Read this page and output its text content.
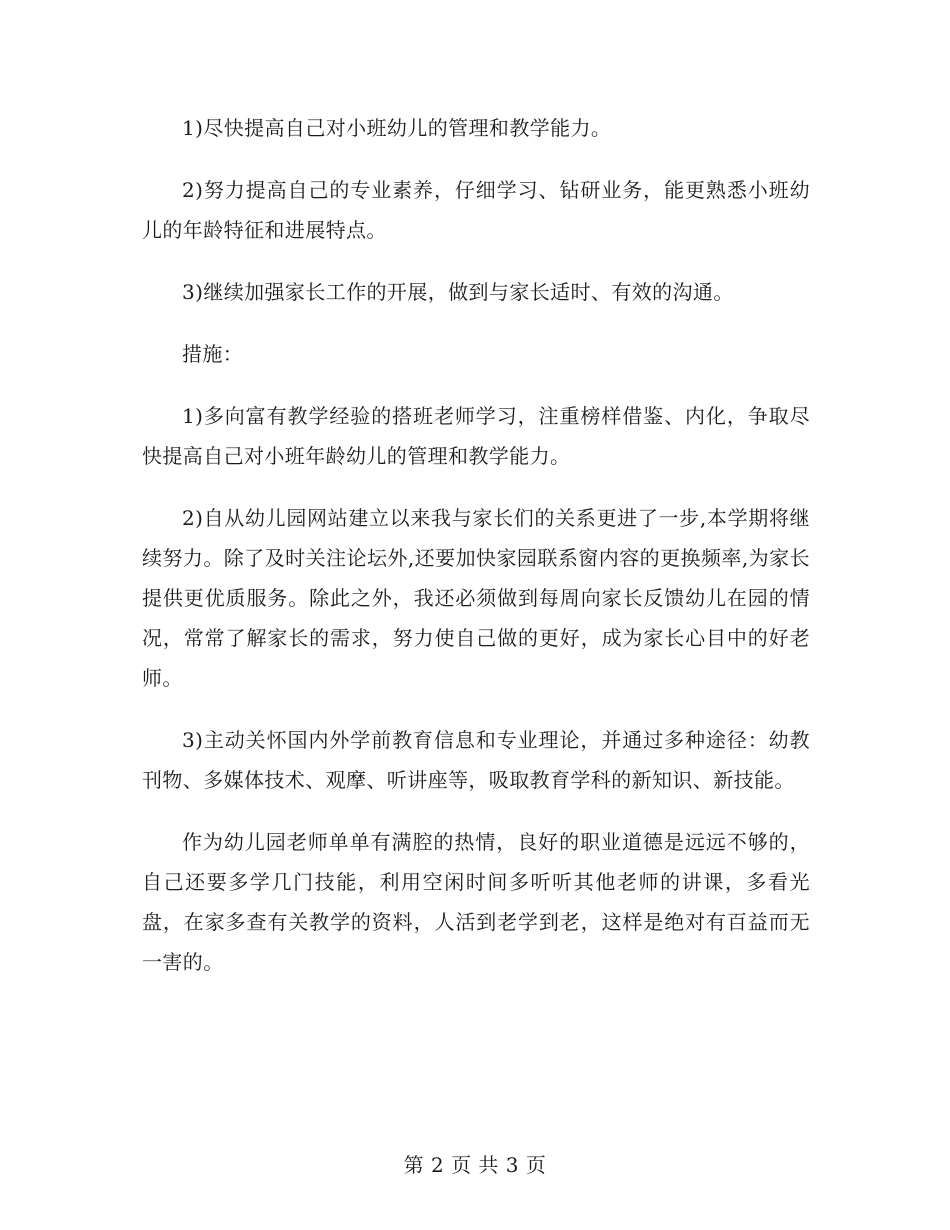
1)尽快提高自己对小班幼儿的管理和教学能力。

2)努力提高自己的专业素养，仔细学习、钻研业务，能更熟悉小班幼儿的年龄特征和进展特点。

3)继续加强家长工作的开展，做到与家长适时、有效的沟通。

措施：

1)多向富有教学经验的搭班老师学习，注重榜样借鉴、内化，争取尽快提高自己对小班年龄幼儿的管理和教学能力。

2)自从幼儿园网站建立以来我与家长们的关系更进了一步,本学期将继续努力。除了及时关注论坛外,还要加快家园联系窗内容的更换频率,为家长提供更优质服务。除此之外，我还必须做到每周向家长反馈幼儿在园的情况，常常了解家长的需求，努力使自己做的更好，成为家长心目中的好老师。

3)主动关怀国内外学前教育信息和专业理论，并通过多种途径：幼教刊物、多媒体技术、观摩、听讲座等，吸取教育学科的新知识、新技能。

作为幼儿园老师单单有满腔的热情，良好的职业道德是远远不够的，自己还要多学几门技能，利用空闲时间多听听其他老师的讲课，多看光盘，在家多查有关教学的资料，人活到老学到老，这样是绝对有百益而无一害的。

第 2 页 共 3 页
